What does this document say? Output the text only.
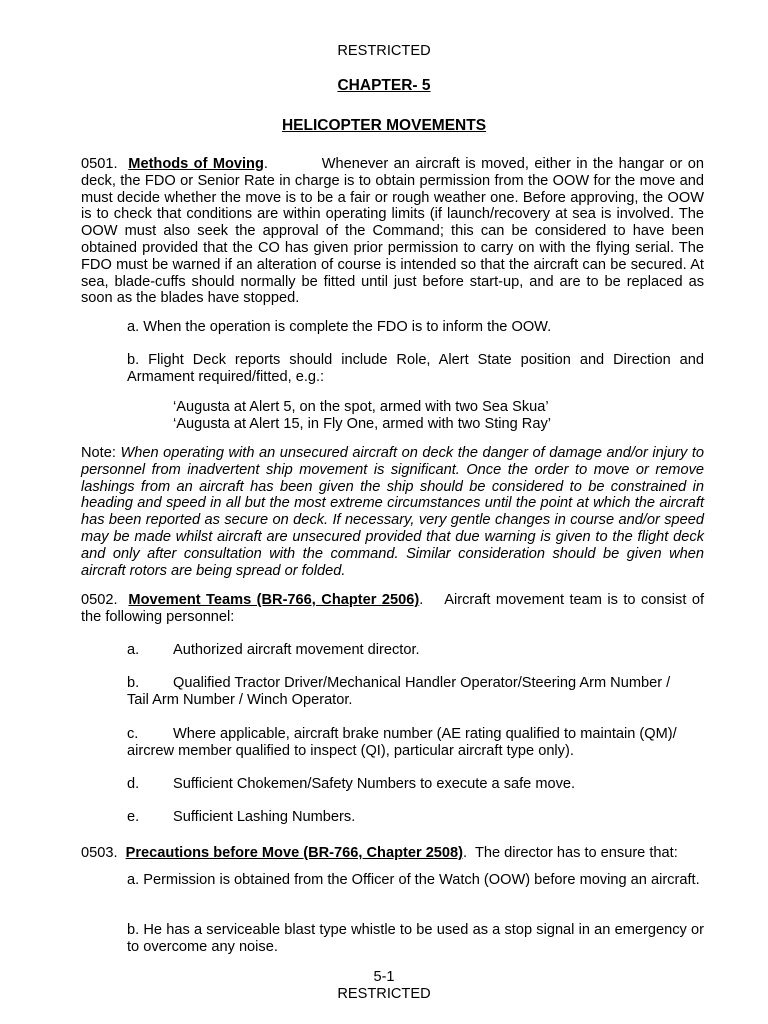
RESTRICTED
CHAPTER- 5
HELICOPTER MOVEMENTS
0501. Methods of Moving.	Whenever an aircraft is moved, either in the hangar or on deck, the FDO or Senior Rate in charge is to obtain permission from the OOW for the move and must decide whether the move is to be a fair or rough weather one. Before approving, the OOW is to check that conditions are within operating limits (if launch/recovery at sea is involved. The OOW must also seek the approval of the Command; this can be considered to have been obtained provided that the CO has given prior permission to carry on with the flying serial. The FDO must be warned if an alteration of course is intended so that the aircraft can be secured. At sea, blade-cuffs should normally be fitted until just before start-up, and are to be replaced as soon as the blades have stopped.
a. When the operation is complete the FDO is to inform the OOW.
b. Flight Deck reports should include Role, Alert State position and Direction and Armament required/fitted, e.g.:
‘Augusta at Alert 5, on the spot, armed with two Sea Skua’
‘Augusta at Alert 15, in Fly One, armed with two Sting Ray’
Note: When operating with an unsecured aircraft on deck the danger of damage and/or injury to personnel from inadvertent ship movement is significant. Once the order to move or remove lashings from an aircraft has been given the ship should be considered to be constrained in heading and speed in all but the most extreme circumstances until the point at which the aircraft has been reported as secure on deck. If necessary, very gentle changes in course and/or speed may be made whilst aircraft are unsecured provided that due warning is given to the flight deck and only after consultation with the command. Similar consideration should be given when aircraft rotors are being spread or folded.
0502. Movement Teams (BR-766, Chapter 2506). Aircraft movement team is to consist of the following personnel:
a. Authorized aircraft movement director.
b. Qualified Tractor Driver/Mechanical Handler Operator/Steering Arm Number /
Tail Arm Number / Winch Operator.
c. Where applicable, aircraft brake number (AE rating qualified to maintain (QM)/
aircrew member qualified to inspect (QI), particular aircraft type only).
d. Sufficient Chokemen/Safety Numbers to execute a safe move.
e. Sufficient Lashing Numbers.
0503. Precautions before Move (BR-766, Chapter 2508). The director has to ensure that:
a. Permission is obtained from the Officer of the Watch (OOW) before moving an aircraft.
b. He has a serviceable blast type whistle to be used as a stop signal in an emergency or to overcome any noise.
5-1
RESTRICTED
